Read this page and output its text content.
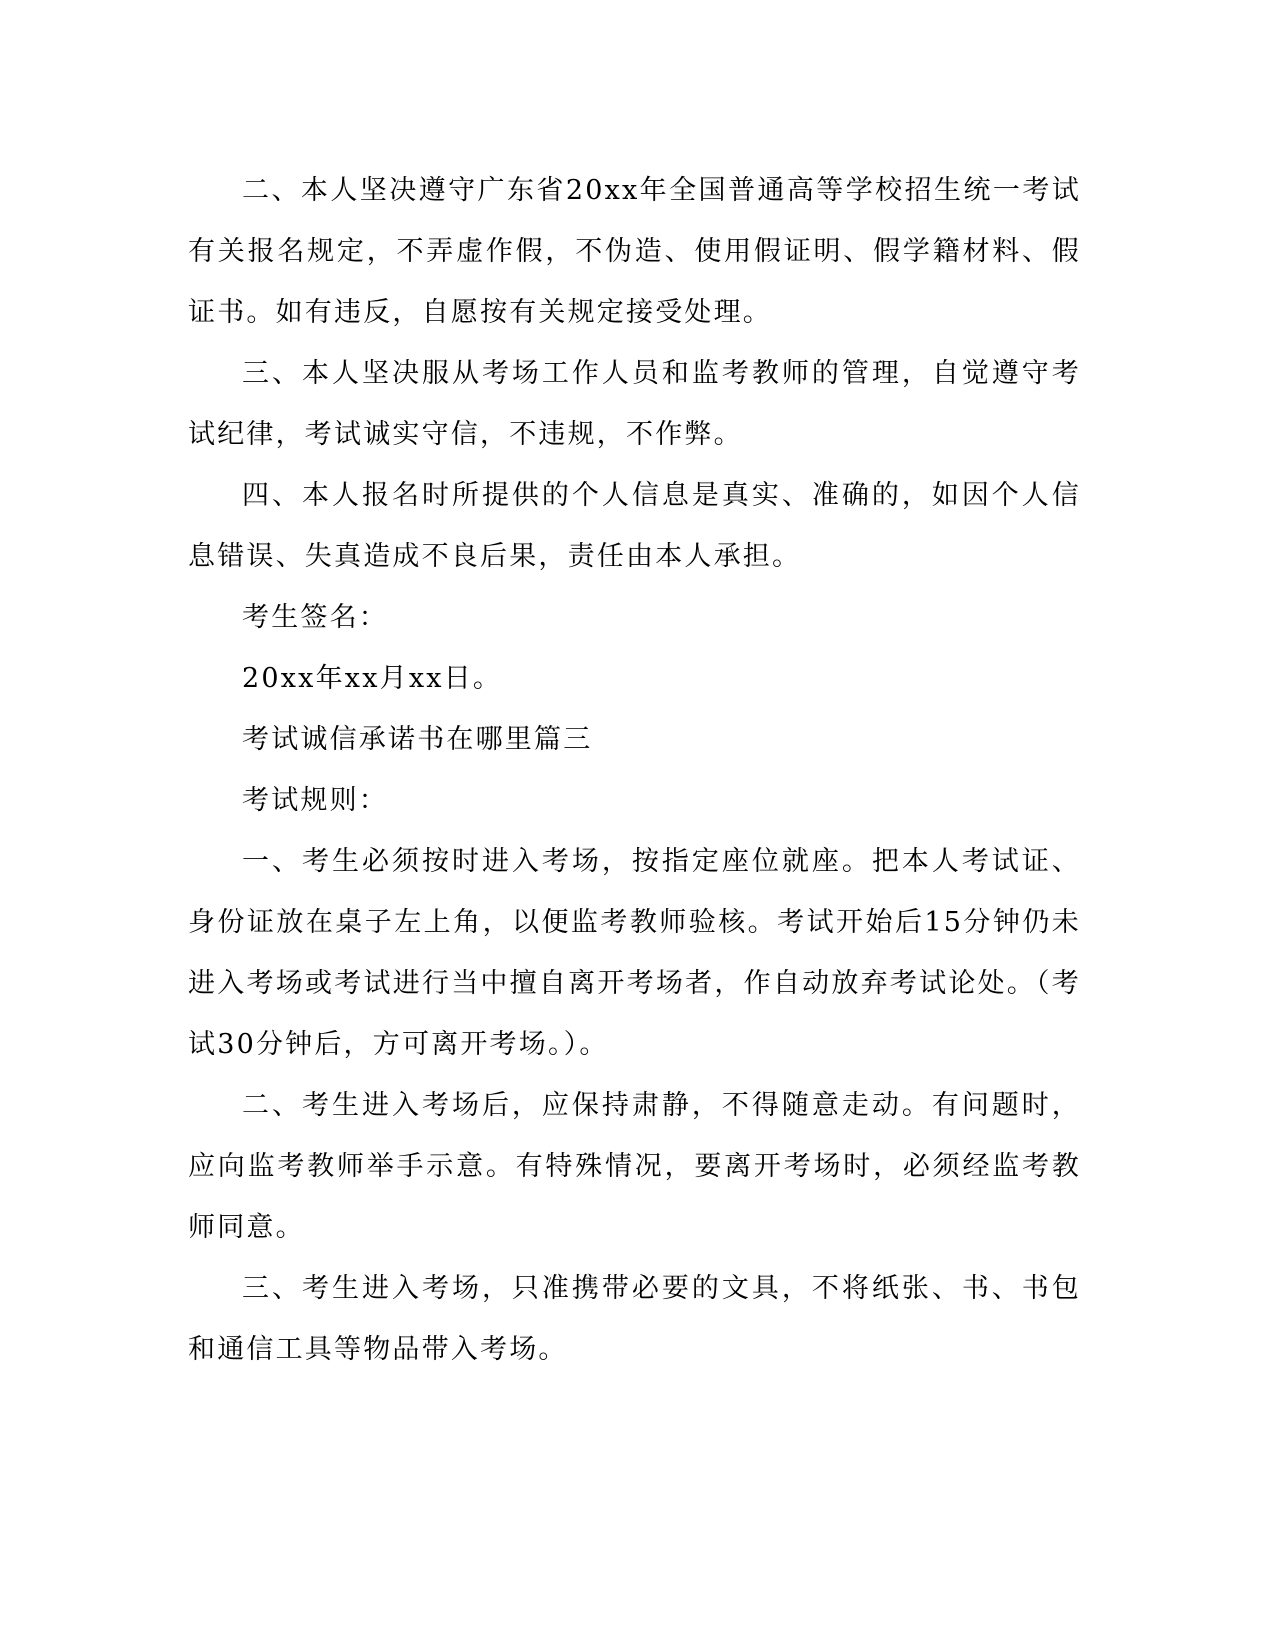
二、本人坚决遵守广东省20xx年全国普通高等学校招生统一考试有关报名规定，不弄虚作假，不伪造、使用假证明、假学籍材料、假证书。如有违反，自愿按有关规定接受处理。

三、本人坚决服从考场工作人员和监考教师的管理，自觉遵守考试纪律，考试诚实守信，不违规，不作弊。

四、本人报名时所提供的个人信息是真实、准确的，如因个人信息错误、失真造成不良后果，责任由本人承担。

考生签名：

20xx年xx月xx日。

考试诚信承诺书在哪里篇三

考试规则：

一、考生必须按时进入考场，按指定座位就座。把本人考试证、身份证放在桌子左上角，以便监考教师验核。考试开始后15分钟仍未进入考场或考试进行当中擅自离开考场者，作自动放弃考试论处。（考试30分钟后，方可离开考场。）。

二、考生进入考场后，应保持肃静，不得随意走动。有问题时，应向监考教师举手示意。有特殊情况，要离开考场时，必须经监考教师同意。

三、考生进入考场，只准携带必要的文具，不将纸张、书、书包和通信工具等物品带入考场。
